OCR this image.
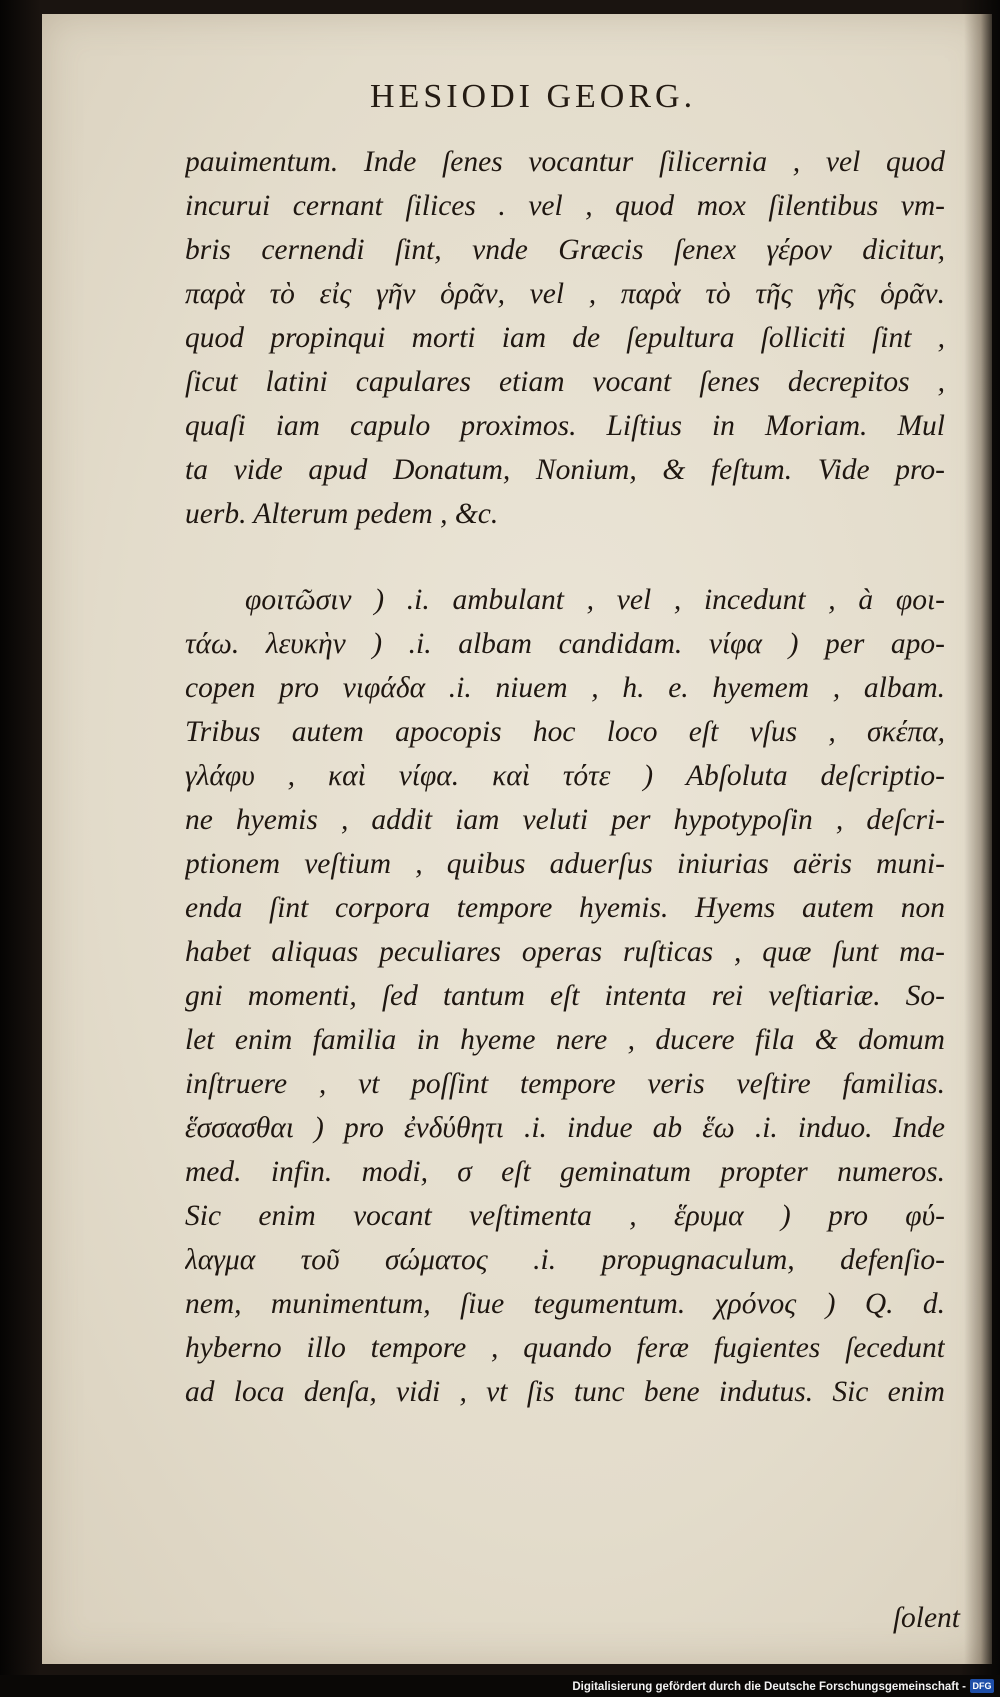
HESIODI GEORG.
pauimentum. Inde ſenes vocantur ſilicernia , vel quod
incurui cernant ſilices . vel , quod mox ſilentibus vm-
bris cernendi ſint, vnde Græcis ſenex γέρον dicitur,
παρὰ τὸ εἰς γῆν ὁρᾶν, vel , παρὰ τὸ τῆς γῆς ὁρᾶν.
quod propinqui morti iam de ſepultura ſolliciti ſint ,
ſicut latini capulares etiam vocant ſenes decrepitos ,
quaſi iam capulo proximos. Liſtius in Moriam. Mul
ta vide apud Donatum, Nonium, & feſtum. Vide pro-
uerb. Alterum pedem , &c.
φοιτῶσιν ) .i. ambulant , vel , incedunt , à φοι-
τάω. λευκὴν ) .i. albam candidam. νίφα ) per apo-
copen pro νιφάδα .i. niuem , h. e. hyemem , albam.
Tribus autem apocopis hoc loco eſt vſus , σκέπα,
γλάφυ , καὶ νίφα. καὶ τότε ) Abſoluta deſcriptio-
ne hyemis , addit iam veluti per hypotypoſin , deſcri-
ptionem veſtium , quibus aduerſus iniurias aëris muni-
enda ſint corpora tempore hyemis. Hyems autem non
habet aliquas peculiares operas ruſticas , quæ ſunt ma-
gni momenti, ſed tantum eſt intenta rei veſtiariæ. So-
let enim familia in hyeme nere , ducere fila & domum
inſtruere , vt poſſint tempore veris veſtire familias.
ἕσσασθαι ) pro ἐνδύθητι .i. indue ab ἕω .i. induo. Inde
med. infin. modi, σ eſt geminatum propter numeros.
Sic enim vocant veſtimenta , ἕρυμα ) pro φύ-
λαγμα τοῦ σώματος .i. propugnaculum, defenſio-
nem, munimentum, ſiue tegumentum. χρόνος ) Q. d.
hyberno illo tempore , quando feræ fugientes ſecedunt
ad loca denſa, vidi , vt ſis tunc bene indutus. Sic enim
ſolent
Digitalisierung gefördert durch die Deutsche Forschungsgemeinschaft - DFG
